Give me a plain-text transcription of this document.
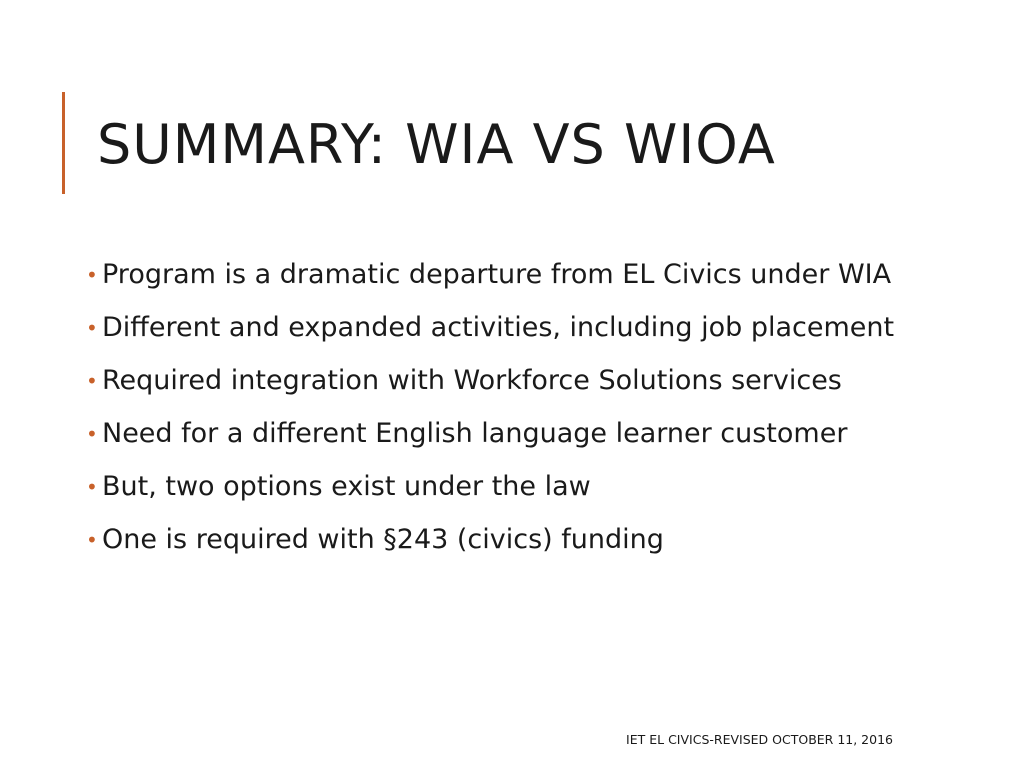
SUMMARY: WIA VS WIOA
• Program is a dramatic departure from EL Civics under WIA
• Different and expanded activities, including job placement
• Required integration with Workforce Solutions services
• Need for a different English language learner customer
• But, two options exist under the law
• One is required with §243 (civics) funding
IET EL CIVICS-REVISED OCTOBER 11, 2016
